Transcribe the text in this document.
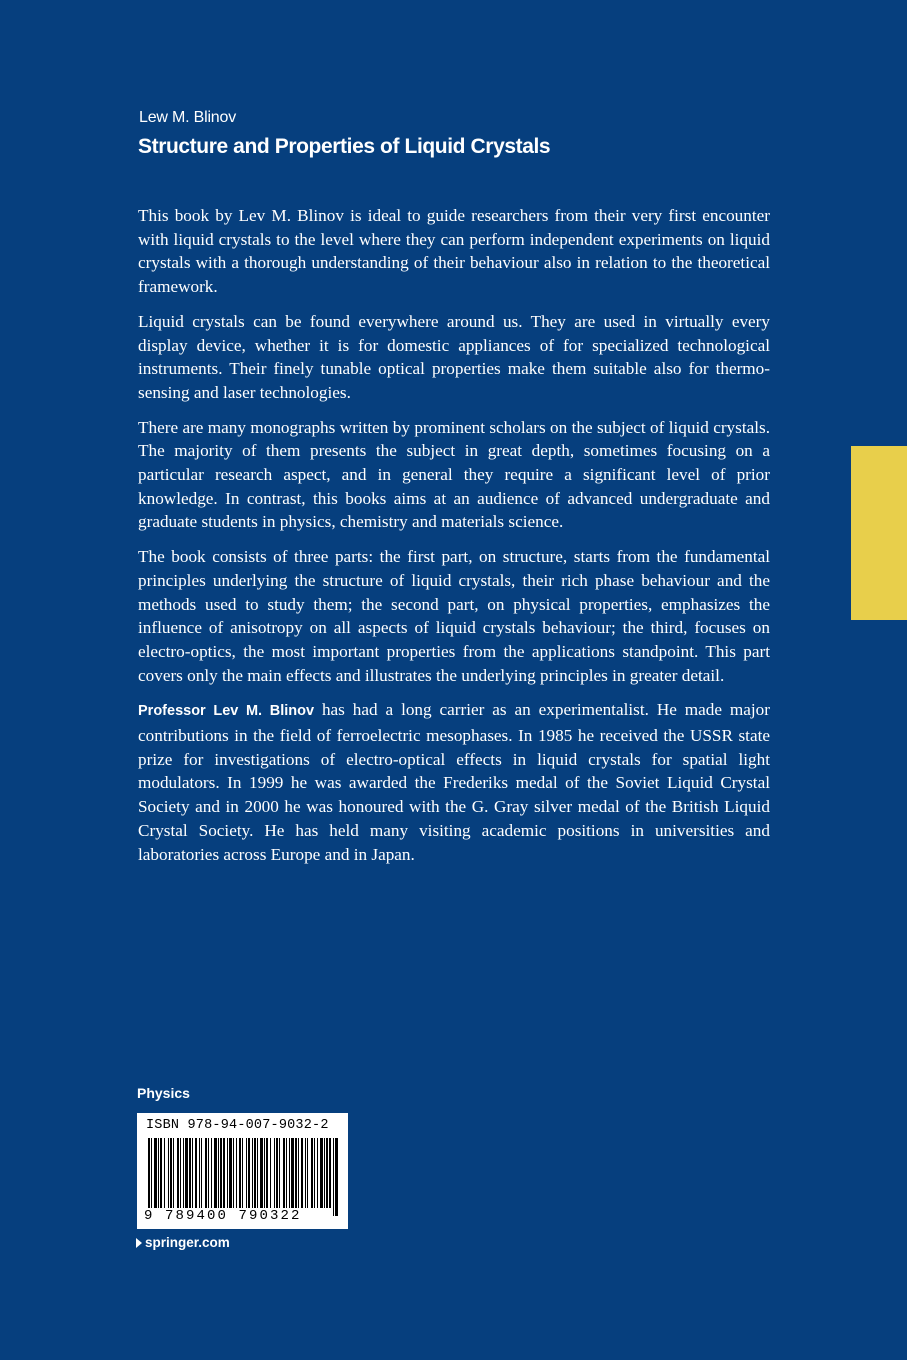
Lew M. Blinov
Structure and Properties of Liquid Crystals

This book by Lev M. Blinov is ideal to guide researchers from their very first encounter with liquid crystals to the level where they can perform independent experiments on liquid crystals with a thorough understanding of their behaviour also in relation to the theoretical framework.

Liquid crystals can be found everywhere around us. They are used in virtually every display device, whether it is for domestic appliances of for specialized technological instruments. Their finely tunable optical properties make them suitable also for thermo-sensing and laser technologies.

There are many monographs written by prominent scholars on the subject of liquid crystals. The majority of them presents the subject in great depth, sometimes focusing on a particular research aspect, and in general they require a significant level of prior knowledge. In contrast, this books aims at an audience of advanced undergraduate and graduate students in physics, chemistry and materials science.

The book consists of three parts: the first part, on structure, starts from the fundamental principles underlying the structure of liquid crystals, their rich phase behaviour and the methods used to study them; the second part, on physical properties, emphasizes the influence of anisotropy on all aspects of liquid crystals behaviour; the third, focuses on electro-optics, the most important properties from the applications standpoint. This part covers only the main effects and illustrates the underlying principles in greater detail.

Professor Lev M. Blinov has had a long carrier as an experimentalist. He made major contributions in the field of ferroelectric mesophases. In 1985 he received the USSR state prize for investigations of electro-optical effects in liquid crystals for spatial light modulators. In 1999 he was awarded the Frederiks medal of the Soviet Liquid Crystal Society and in 2000 he was honoured with the G. Gray silver medal of the British Liquid Crystal Society. He has held many visiting academic positions in universities and laboratories across Europe and in Japan.

Physics
ISBN 978-94-007-9032-2
9 789400 790322
springer.com
